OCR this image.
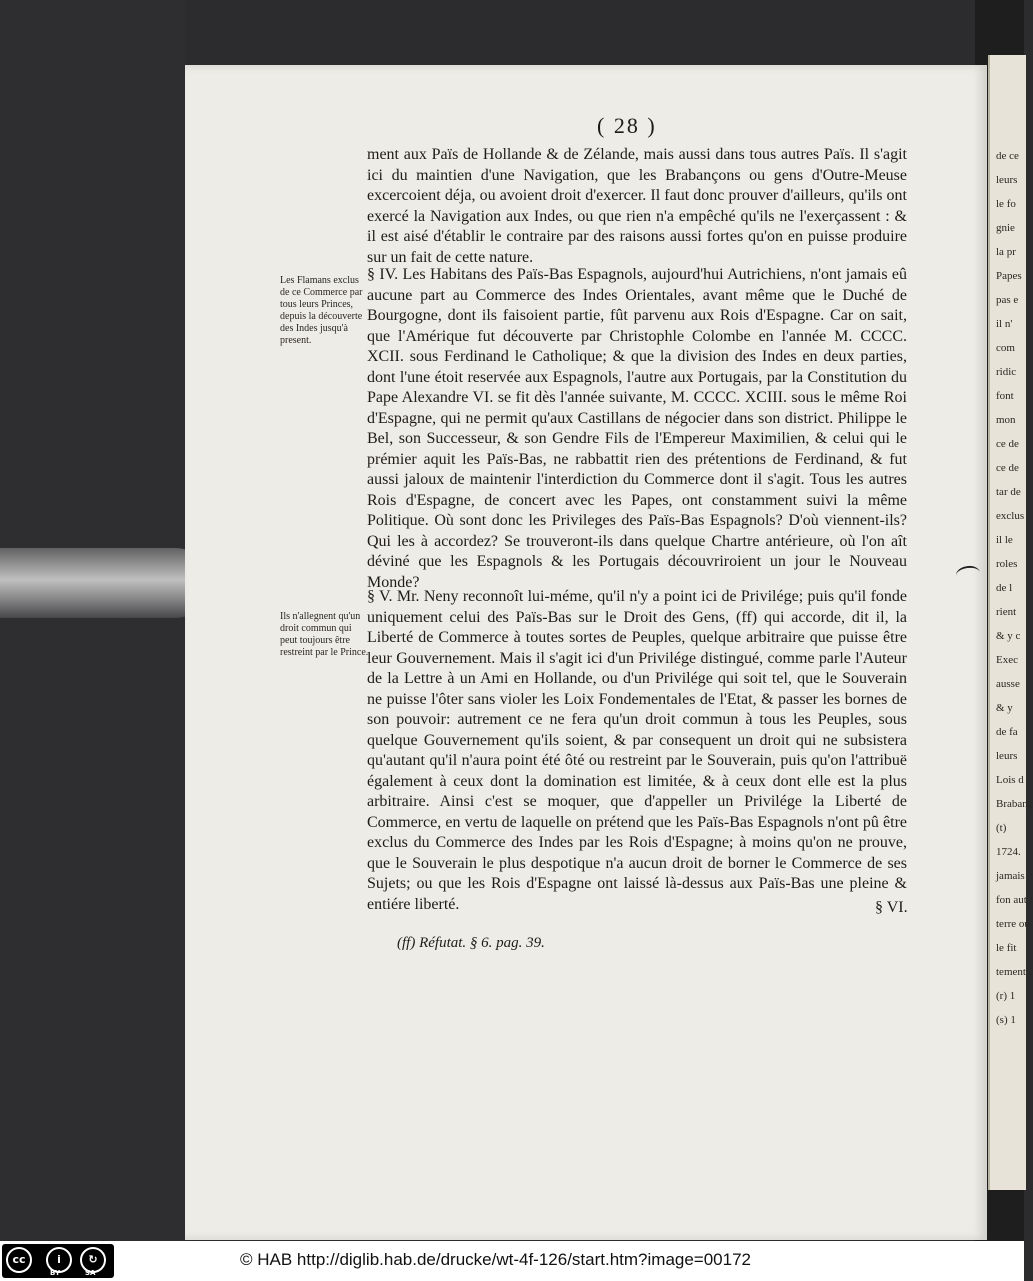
de ce
leurs
le fo
gnie
la pr
Papes
pas e
il n'
com
ridic
font
mon
ce de
ce de
tar de
exclus
il le
roles
de l
rient
& y c
Exec
ausse
& y
de fa
leurs
Lois d
Brabanç
(t)
1724.
jamais
fon aut
terre ou
le fit
tement
(r) 1
(s) 1
( 28 )

ment aux Païs de Hollande & de Zélande, mais aussi dans tous autres Païs. Il s'agit ici du maintien d'une Navigation, que les Brabançons ou gens d'Outre-Meuse excercoient déja, ou avoient droit d'exercer. Il faut donc prouver d'ailleurs, qu'ils ont exercé la Navigation aux Indes, ou que rien n'a empêché qu'ils ne l'exerçassent : & il est aisé d'établir le contraire par des raisons aussi fortes qu'on en puisse produire sur un fait de cette nature.

Les Flamans exclus de ce Commerce par tous leurs Princes, depuis la découverte des Indes jusqu'à present.

§ IV. Les Habitans des Païs-Bas Espagnols, aujourd'hui Autrichiens, n'ont jamais eû aucune part au Commerce des Indes Orientales, avant même que le Duché de Bourgogne, dont ils faisoient partie, fût parvenu aux Rois d'Espagne. Car on sait, que l'Amérique fut découverte par Christophle Colombe en l'année M. CCCC. XCII. sous Ferdinand le Catholique; & que la division des Indes en deux parties, dont l'une étoit reservée aux Espagnols, l'autre aux Portugais, par la Constitution du Pape Alexandre VI. se fit dès l'année suivante, M. CCCC. XCIII. sous le même Roi d'Espagne, qui ne permit qu'aux Castillans de négocier dans son district. Philippe le Bel, son Successeur, & son Gendre Fils de l'Empereur Maximilien, & celui qui le prémier aquit les Païs-Bas, ne rabbattit rien des prétentions de Ferdinand, & fut aussi jaloux de maintenir l'interdiction du Commerce dont il s'agit. Tous les autres Rois d'Espagne, de concert avec les Papes, ont constamment suivi la même Politique. Où sont donc les Privileges des Païs-Bas Espagnols? D'où viennent-ils? Qui les à accordez? Se trouveront-ils dans quelque Chartre antérieure, où l'on aît déviné que les Espagnols & les Portugais découvriroient un jour le Nouveau Monde?

Ils n'allegnent qu'un droit commun qui peut toujours être restreint par le Prince.

§ V. Mr. Neny reconnoît lui-méme, qu'il n'y a point ici de Privilége; puis qu'il fonde uniquement celui des Païs-Bas sur le Droit des Gens, (ff) qui accorde, dit il, la Liberté de Commerce à toutes sortes de Peuples, quelque arbitraire que puisse être leur Gouvernement. Mais il s'agit ici d'un Privilége distingué, comme parle l'Auteur de la Lettre à un Ami en Hollande, ou d'un Privilége qui soit tel, que le Souverain ne puisse l'ôter sans violer les Loix Fondementales de l'Etat, & passer les bornes de son pouvoir: autrement ce ne fera qu'un droit commun à tous les Peuples, sous quelque Gouvernement qu'ils soient, & par consequent un droit qui ne subsistera qu'autant qu'il n'aura point été ôté ou restreint par le Souverain, puis qu'on l'attribuë également à ceux dont la domination est limitée, & à ceux dont elle est la plus arbitraire. Ainsi c'est se moquer, que d'appeller un Privilége la Liberté de Commerce, en vertu de laquelle on prétend que les Païs-Bas Espagnols n'ont pû être exclus du Commerce des Indes par les Rois d'Espagne; à moins qu'on ne prouve, que le Souverain le plus despotique n'a aucun droit de borner le Commerce de ses Sujets; ou que les Rois d'Espagne ont laissé là-dessus aux Païs-Bas une pleine & entiére liberté.	§ VI.
(ff) Réfutat. § 6. pag. 39.
cc	i	↻
BY	SA
© HAB http://diglib.hab.de/drucke/wt-4f-126/start.htm?image=00172
